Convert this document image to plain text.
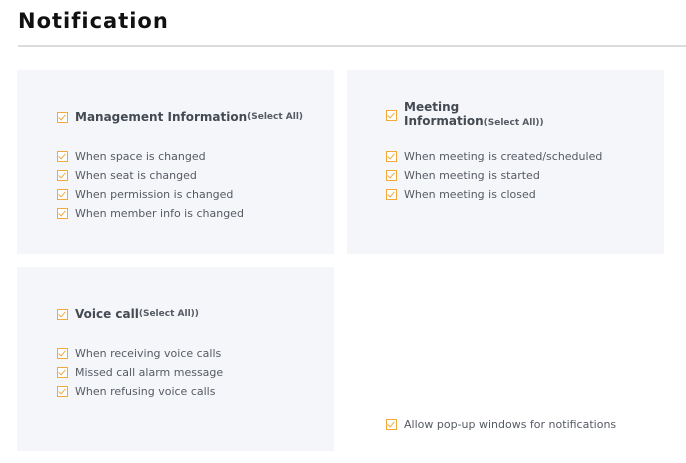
Notification
Management Information (Select All)
When space is changed
When seat is changed
When permission is changed
When member info is changed
Meeting Information(Select All))
When meeting is created/scheduled
When meeting is started
When meeting is closed
Voice call (Select All))
When receiving voice calls
Missed call alarm message
When refusing voice calls
Allow pop-up windows for notifications
